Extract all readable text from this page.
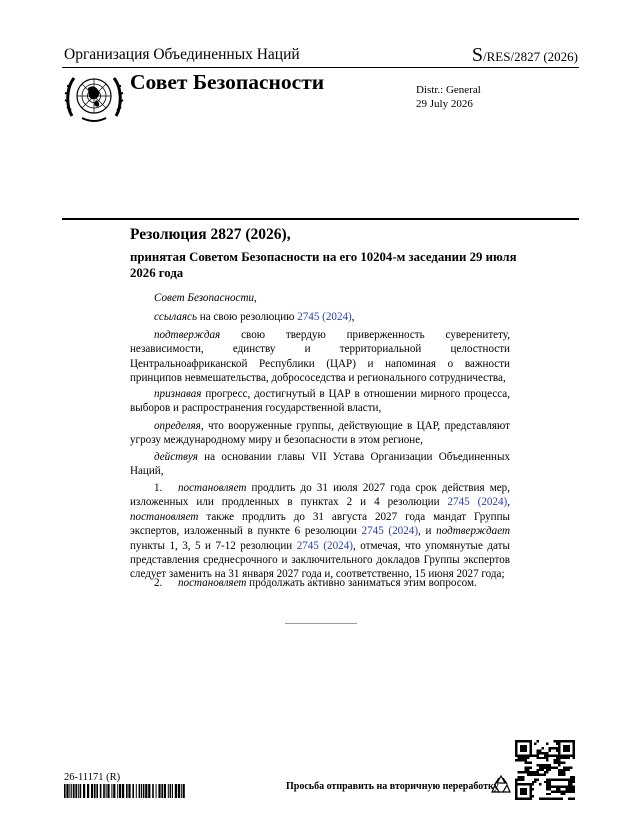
Организация Объединенных Наций	S/RES/2827 (2026)
Совет Безопасности	Distr.: General
29 July 2026
Резолюция 2827 (2026),
принятая Советом Безопасности на его 10204-м заседании 29 июля 2026 года
Совет Безопасности,
ссылаясь на свою резолюцию 2745 (2024),
подтверждая свою твердую приверженность суверенитету, независимости, единству и территориальной целостности Центральноафриканской Республики (ЦАР) и напоминая о важности принципов невмешательства, добрососедства и регионального сотрудничества,
признавая прогресс, достигнутый в ЦАР в отношении мирного процесса, выборов и распространения государственной власти,
определяя, что вооруженные группы, действующие в ЦАР, представляют угрозу международному миру и безопасности в этом регионе,
действуя на основании главы VII Устава Организации Объединенных Наций,
1. постановляет продлить до 31 июля 2027 года срок действия мер, изложенных или продленных в пунктах 2 и 4 резолюции 2745 (2024), постановляет также продлить до 31 августа 2027 года мандат Группы экспертов, изложенный в пункте 6 резолюции 2745 (2024), и подтверждает пункты 1, 3, 5 и 7-12 резолюции 2745 (2024), отмечая, что упомянутые даты представления среднесрочного и заключительного докладов Группы экспертов следует заменить на 31 января 2027 года и, соответственно, 15 июня 2027 года;
2. постановляет продолжать активно заниматься этим вопросом.
26-11171 (R)
Просьба отправить на вторичную переработку
